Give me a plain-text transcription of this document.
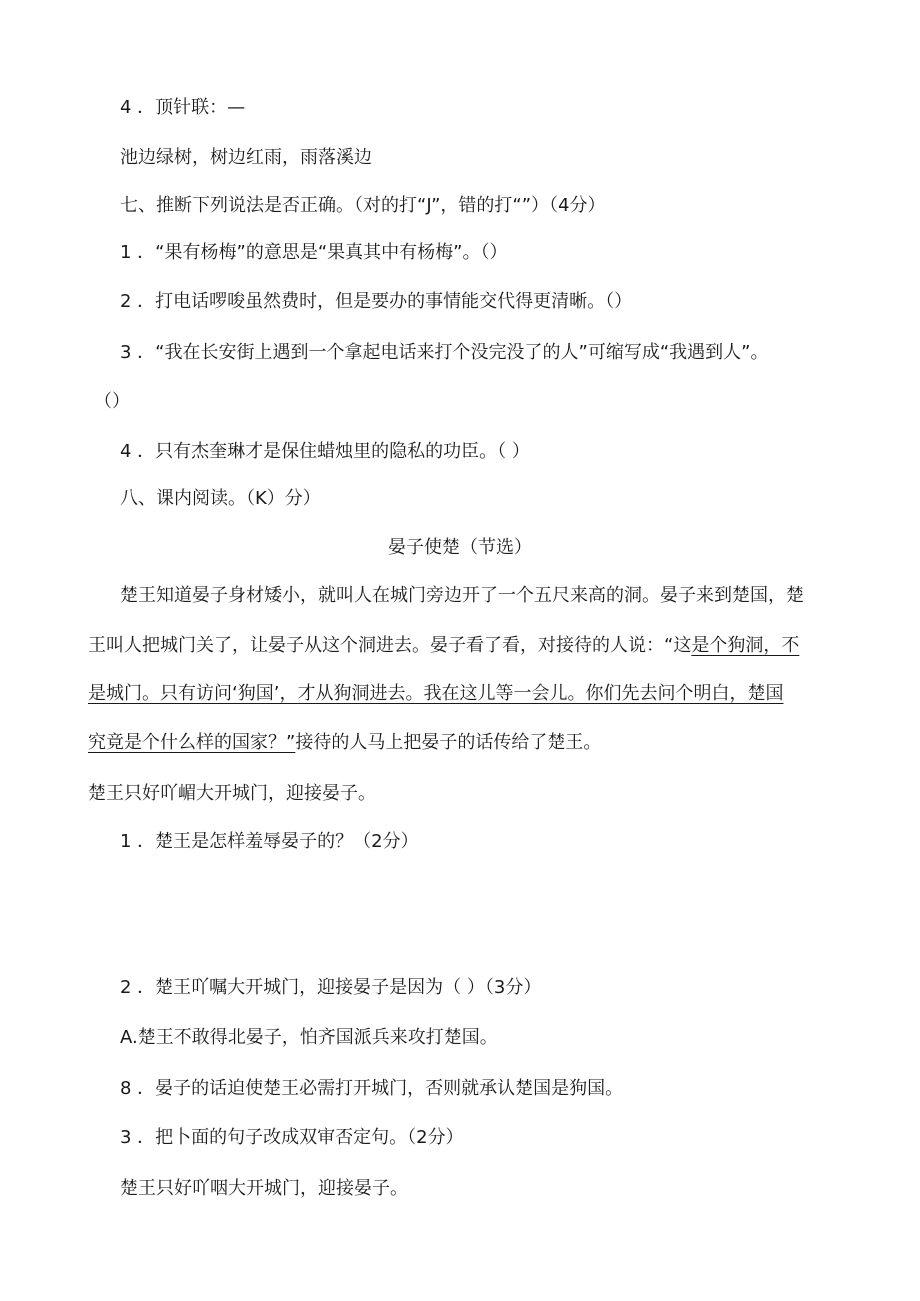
4 ．顶针联：—
池边绿树，树边红雨，雨落溪边
七、推断下列说法是否正确。（对的打“J”，错的打“”）（4分）
1 ．“果有杨梅”的意思是“果真其中有杨梅”。（）
2 ．打电话啰唆虽然费时，但是要办的事情能交代得更清晰。（）
3 ．“我在长安街上遇到一个拿起电话来打个没完没了的人”可缩写成“我遇到人”。
（）
4 ．只有杰奎琳才是保住蜡烛里的隐私的功臣。（ ）
八、课内阅读。（K）分）
晏子使楚（节选）
楚王知道晏子身材矮小，就叫人在城门旁边开了一个五尺来高的洞。晏子来到楚国，楚
王叫人把城门关了，让晏子从这个洞进去。晏子看了看，对接待的人说：“这是个狗洞，不
是城门。只有访问‘狗国’，才从狗洞进去。我在这儿等一会儿。你们先去问个明白，楚国
究竟是个什么样的国家？”接待的人马上把晏子的话传给了楚王。
楚王只好吖嵋大开城门，迎接晏子。
1 ．楚王是怎样羞辱晏子的？（2分）
2 ．楚王吖嘱大开城门，迎接晏子是因为（ ）（3分）
A.楚王不敢得北晏子，怕齐国派兵来攻打楚国。
8 ．晏子的话迫使楚王必需打开城门，否则就承认楚国是狗国。
3 ．把卜面的句子改成双审否定句。（2分）
楚王只好吖咽大开城门，迎接晏子。
